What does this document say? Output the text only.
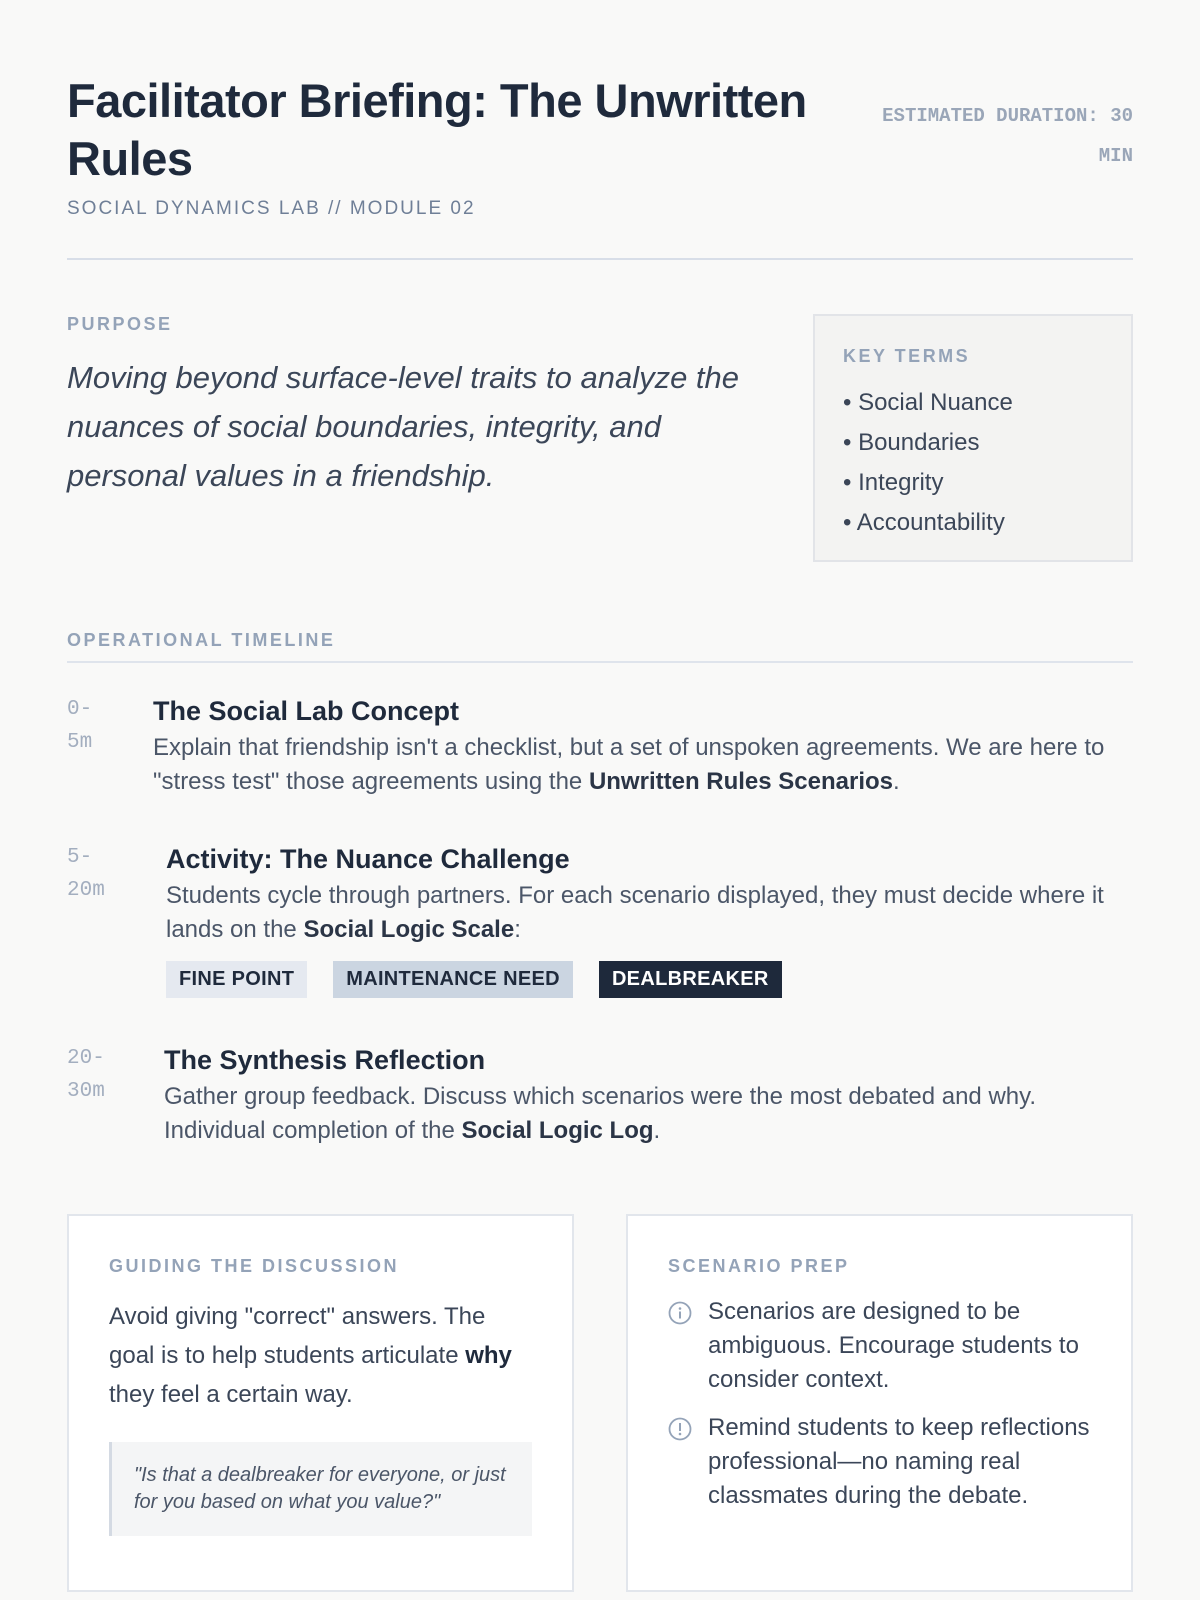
Facilitator Briefing: The Unwritten Rules
ESTIMATED DURATION: 30 MIN
SOCIAL DYNAMICS LAB // MODULE 02
PURPOSE

Moving beyond surface-level traits to analyze the nuances of social boundaries, integrity, and personal values in a friendship.

KEY TERMS
• Social Nuance
• Boundaries
• Integrity
• Accountability
OPERATIONAL TIMELINE
0-
5m
The Social Lab Concept
Explain that friendship isn't a checklist, but a set of unspoken agreements. We are here to "stress test" those agreements using the Unwritten Rules Scenarios.
5-
20m
Activity: The Nuance Challenge
Students cycle through partners. For each scenario displayed, they must decide where it lands on the Social Logic Scale:
FINE POINT	MAINTENANCE NEED	DEALBREAKER
20-
30m
The Synthesis Reflection
Gather group feedback. Discuss which scenarios were the most debated and why. Individual completion of the Social Logic Log.
GUIDING THE DISCUSSION

Avoid giving "correct" answers. The goal is to help students articulate why they feel a certain way.

"Is that a dealbreaker for everyone, or just for you based on what you value?"
SCENARIO PREP
Scenarios are designed to be ambiguous. Encourage students to consider context.
Remind students to keep reflections professional—no naming real classmates during the debate.
